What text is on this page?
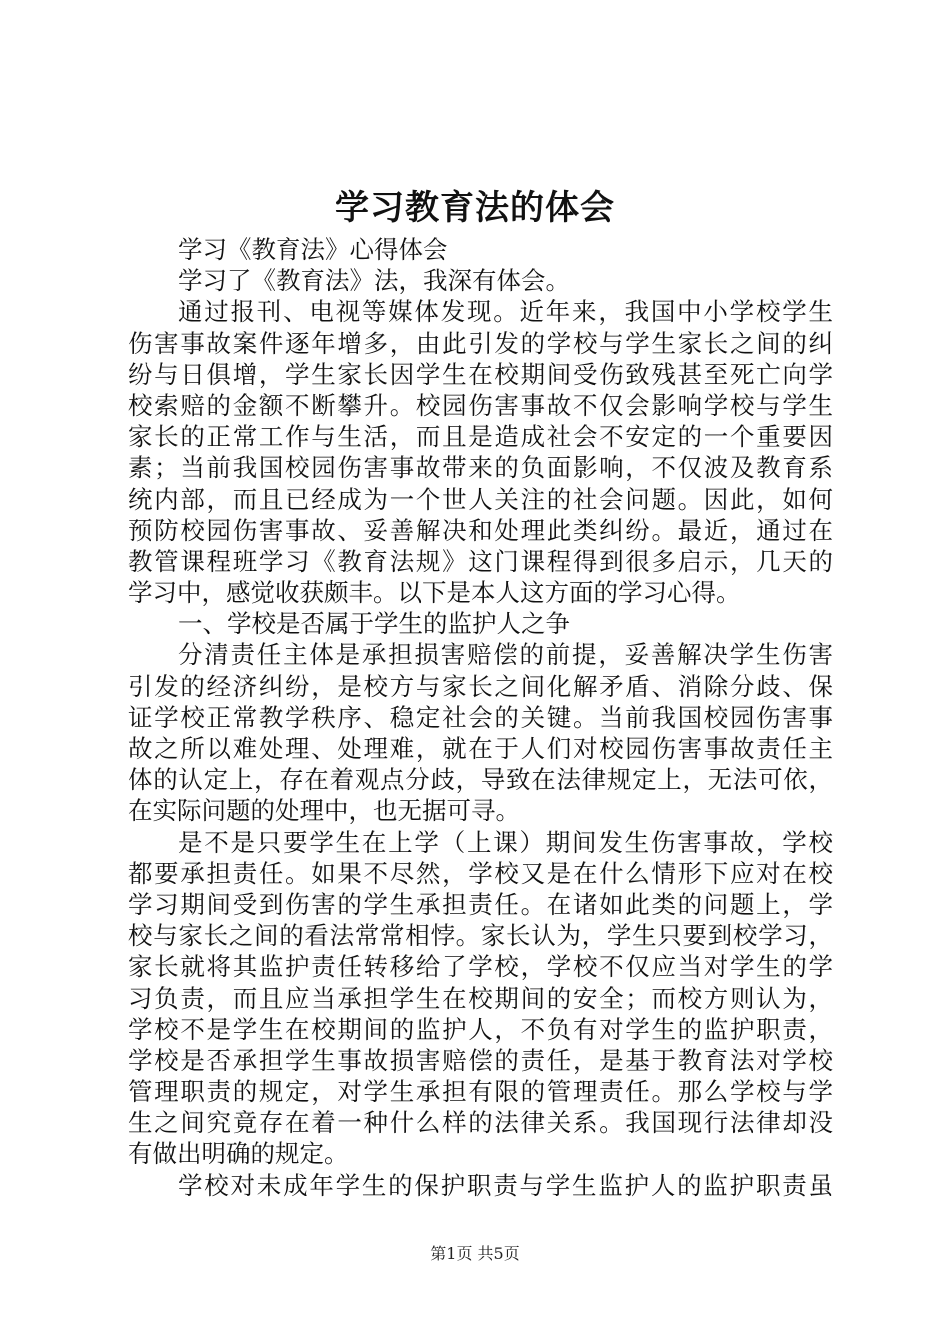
学习教育法的体会
学习《教育法》心得体会
学习了《教育法》法，我深有体会。
通过报刊、电视等媒体发现。近年来，我国中小学校学生
伤害事故案件逐年增多，由此引发的学校与学生家长之间的纠
纷与日俱增，学生家长因学生在校期间受伤致残甚至死亡向学
校索赔的金额不断攀升。校园伤害事故不仅会影响学校与学生
家长的正常工作与生活，而且是造成社会不安定的一个重要因
素；当前我国校园伤害事故带来的负面影响，不仅波及教育系
统内部，而且已经成为一个世人关注的社会问题。因此，如何
预防校园伤害事故、妥善解决和处理此类纠纷。最近，通过在
教管课程班学习《教育法规》这门课程得到很多启示，几天的
学习中，感觉收获颇丰。以下是本人这方面的学习心得。
一、学校是否属于学生的监护人之争
分清责任主体是承担损害赔偿的前提，妥善解决学生伤害
引发的经济纠纷，是校方与家长之间化解矛盾、消除分歧、保
证学校正常教学秩序、稳定社会的关键。当前我国校园伤害事
故之所以难处理、处理难，就在于人们对校园伤害事故责任主
体的认定上，存在着观点分歧，导致在法律规定上，无法可依，
在实际问题的处理中，也无据可寻。
是不是只要学生在上学（上课）期间发生伤害事故，学校
都要承担责任。如果不尽然，学校又是在什么情形下应对在校
学习期间受到伤害的学生承担责任。在诸如此类的问题上，学
校与家长之间的看法常常相悖。家长认为，学生只要到校学习，
家长就将其监护责任转移给了学校，学校不仅应当对学生的学
习负责，而且应当承担学生在校期间的安全；而校方则认为，
学校不是学生在校期间的监护人，不负有对学生的监护职责，
学校是否承担学生事故损害赔偿的责任，是基于教育法对学校
管理职责的规定，对学生承担有限的管理责任。那么学校与学
生之间究竟存在着一种什么样的法律关系。我国现行法律却没
有做出明确的规定。
学校对未成年学生的保护职责与学生监护人的监护职责虽
第1页 共5页
